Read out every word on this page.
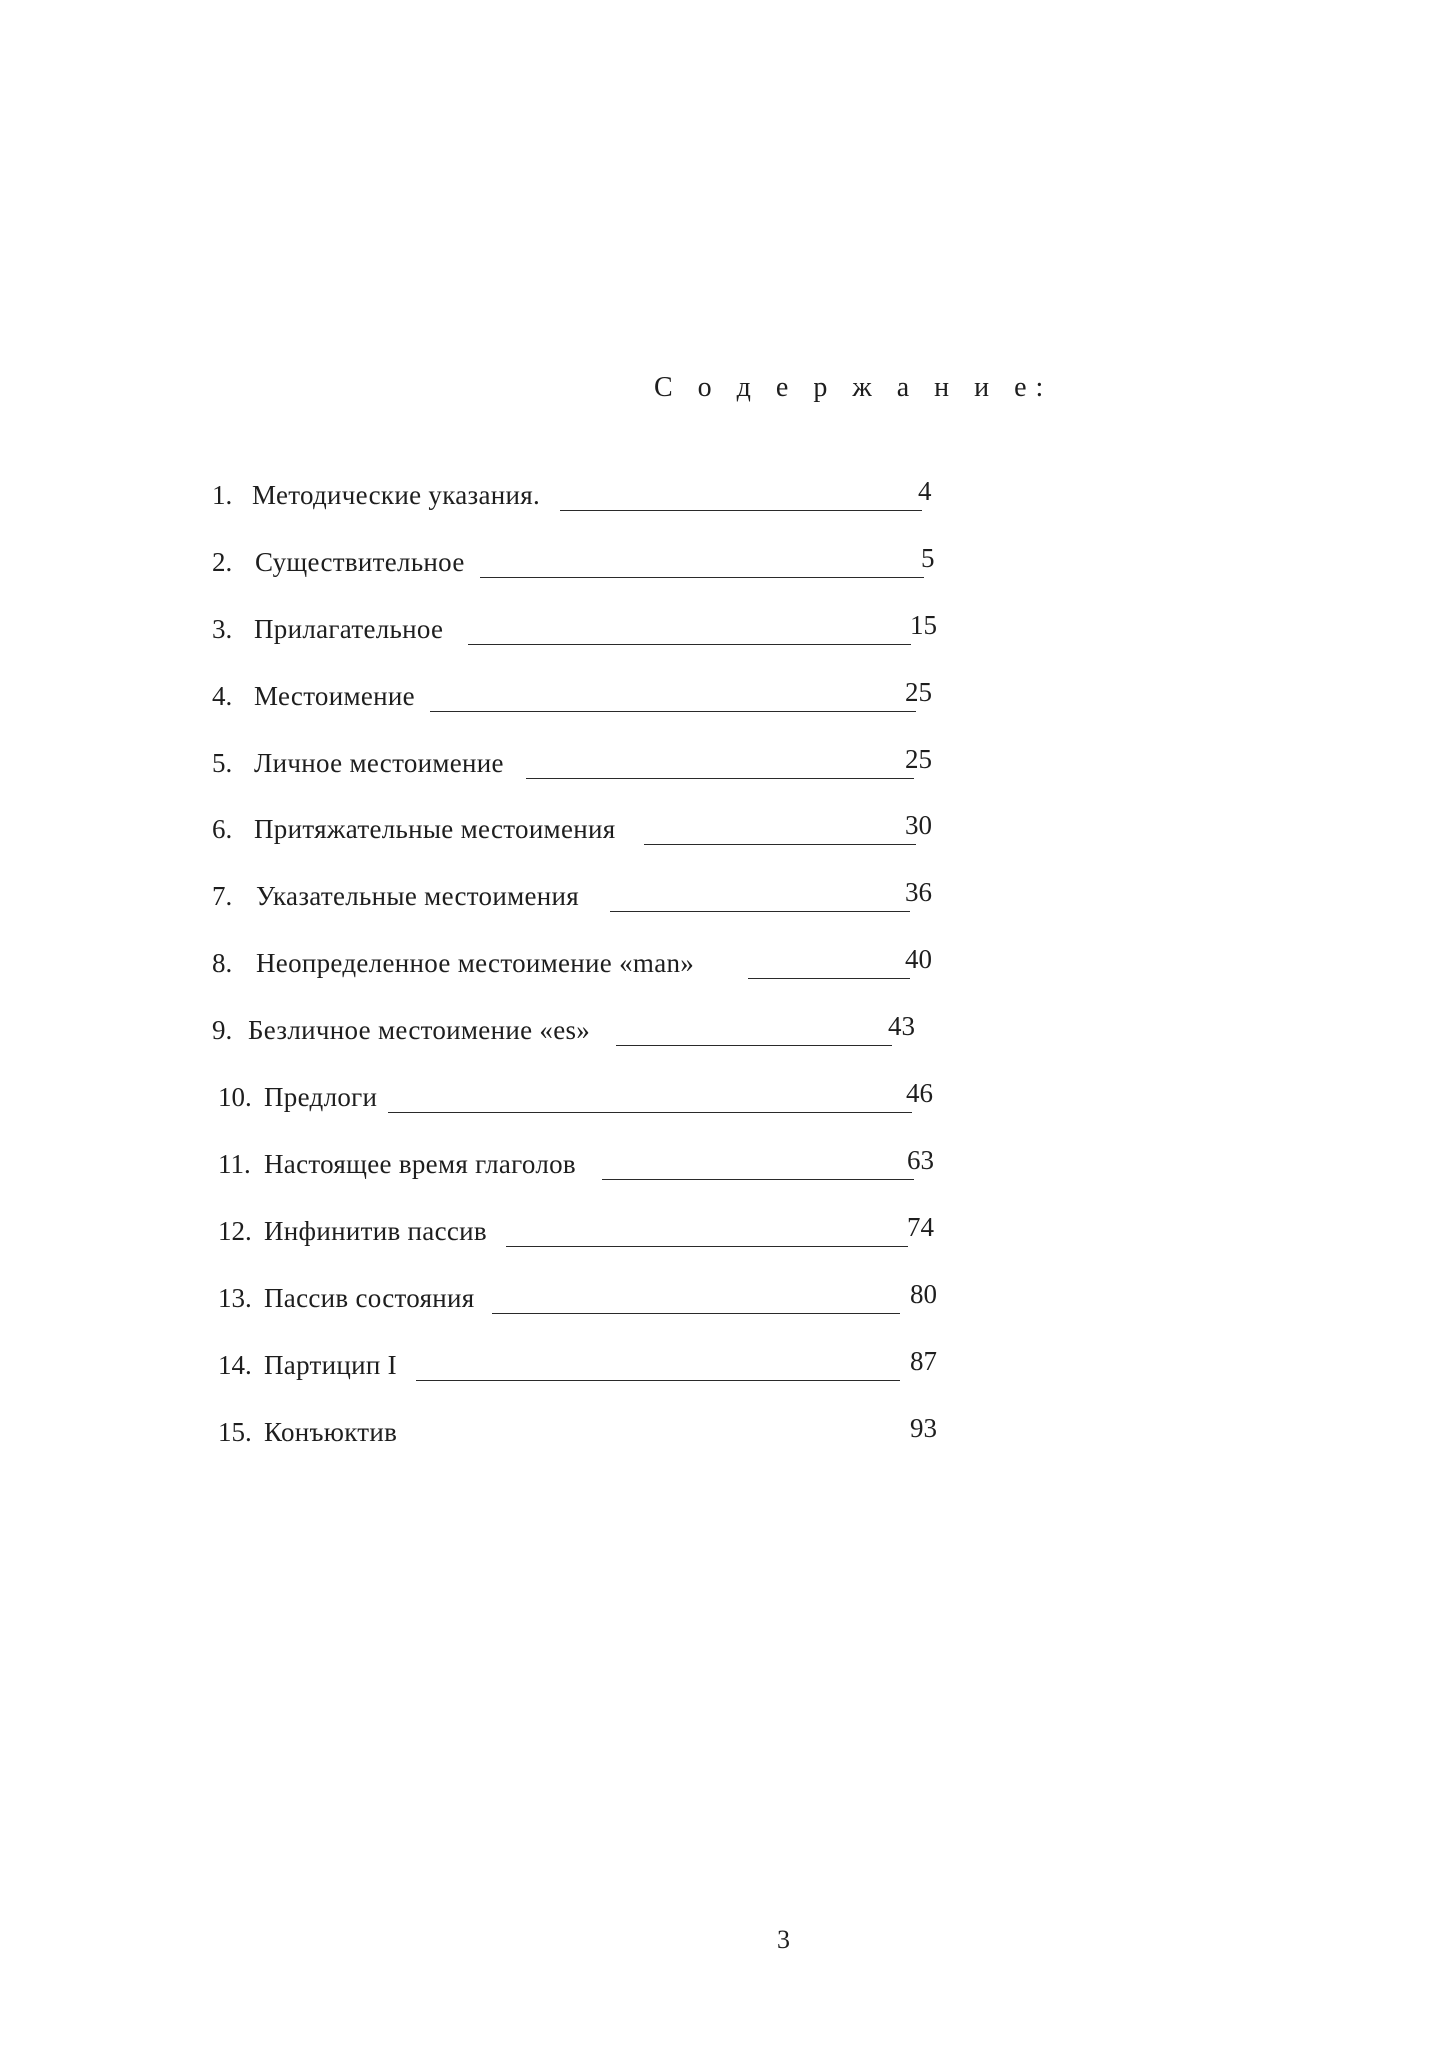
С о д е р ж а н и е:
1. Методические указания.	4
2. Существительное	5
3. Прилагательное	15
4. Местоимение	25
5. Личное местоимение	25
6. Притяжательные местоимения	30
7. Указательные местоимения	36
8. Неопределенное местоимение «man»	40
9. Безличное местоимение «es»	43
10. Предлоги	46
11. Настоящее время глаголов	63
12. Инфинитив пассив	74
13. Пассив состояния	80
14. Партицип I	87
15. Конъюктив	93
3
